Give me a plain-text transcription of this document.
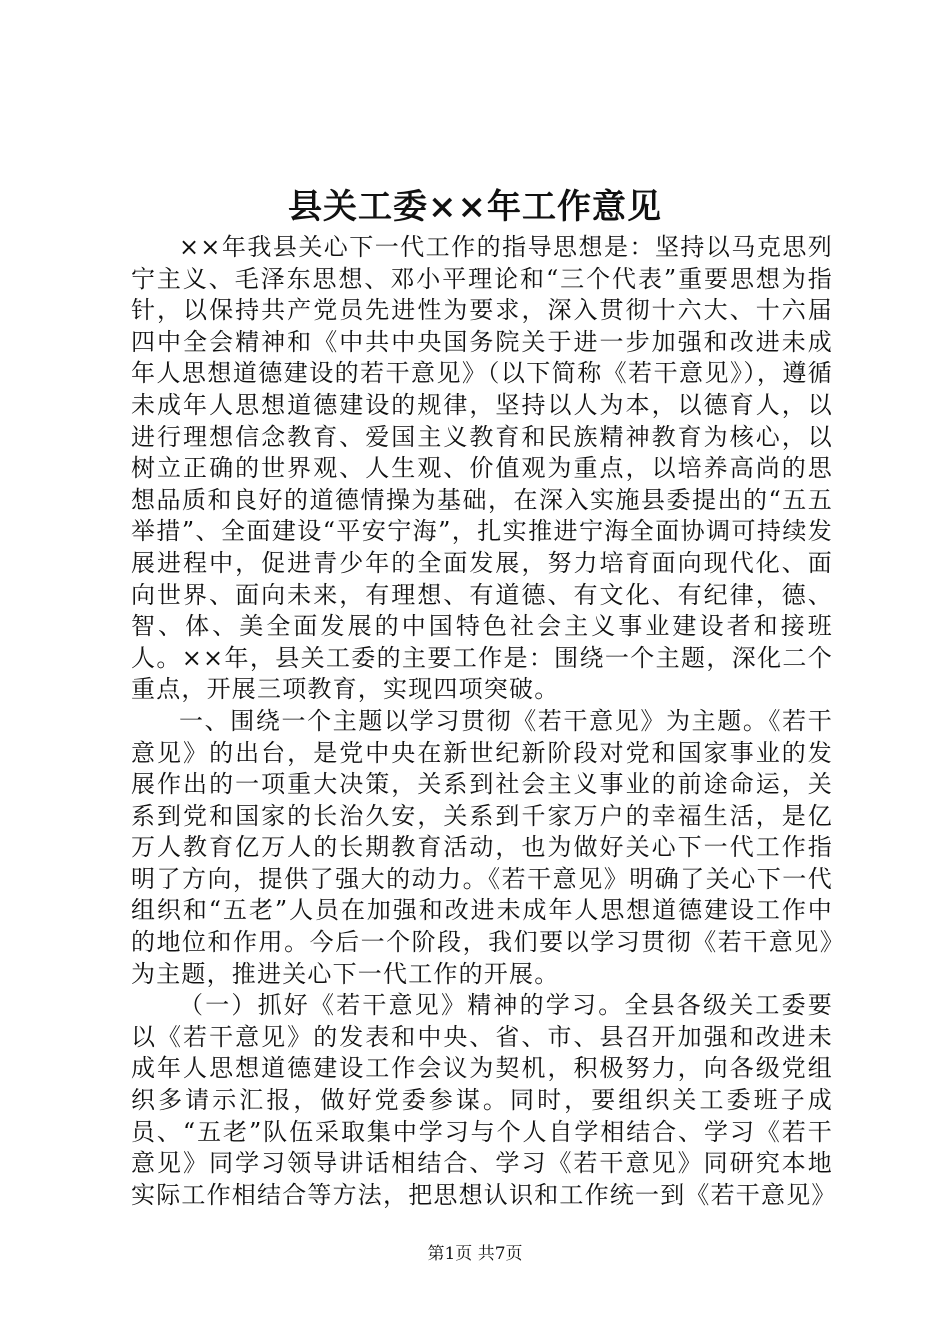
县关工委××年工作意见

××年我县关心下一代工作的指导思想是：坚持以马克思列宁主义、毛泽东思想、邓小平理论和“三个代表”重要思想为指针，以保持共产党员先进性为要求，深入贯彻十六大、十六届四中全会精神和《中共中央国务院关于进一步加强和改进未成年人思想道德建设的若干意见》（以下简称《若干意见》），遵循未成年人思想道德建设的规律，坚持以人为本，以德育人，以进行理想信念教育、爱国主义教育和民族精神教育为核心，以树立正确的世界观、人生观、价值观为重点，以培养高尚的思想品质和良好的道德情操为基础，在深入实施县委提出的“五五举措”、全面建设“平安宁海”，扎实推进宁海全面协调可持续发展进程中，促进青少年的全面发展，努力培育面向现代化、面向世界、面向未来，有理想、有道德、有文化、有纪律，德、智、体、美全面发展的中国特色社会主义事业建设者和接班人。××年，县关工委的主要工作是：围绕一个主题，深化二个重点，开展三项教育，实现四项突破。

一、围绕一个主题以学习贯彻《若干意见》为主题。《若干意见》的出台，是党中央在新世纪新阶段对党和国家事业的发展作出的一项重大决策，关系到社会主义事业的前途命运，关系到党和国家的长治久安，关系到千家万户的幸福生活，是亿万人教育亿万人的长期教育活动，也为做好关心下一代工作指明了方向，提供了强大的动力。《若干意见》明确了关心下一代组织和“五老”人员在加强和改进未成年人思想道德建设工作中的地位和作用。今后一个阶段，我们要以学习贯彻《若干意见》为主题，推进关心下一代工作的开展。

（一）抓好《若干意见》精神的学习。全县各级关工委要以《若干意见》的发表和中央、省、市、县召开加强和改进未成年人思想道德建设工作会议为契机，积极努力，向各级党组织多请示汇报，做好党委参谋。同时，要组织关工委班子成员、“五老”队伍采取集中学习与个人自学相结合、学习《若干意见》同学习领导讲话相结合、学习《若干意见》同研究本地实际工作相结合等方法，把思想认识和工作统一到《若干意见》

第1页 共7页
